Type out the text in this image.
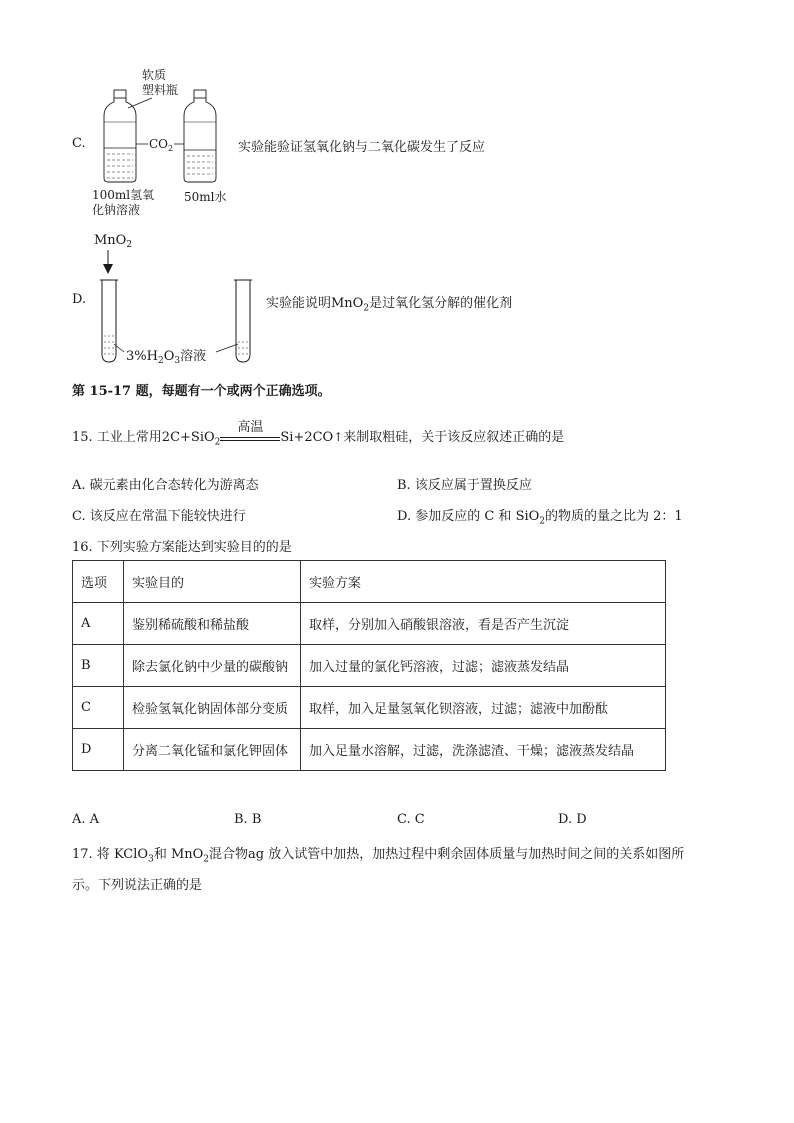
C.
软质
塑料瓶
$CO_2$
100ml氢氧
化钠溶液
50ml水
实验能验证氢氧化钠与二氧化碳发生了反应
D.
MnO$_2$
$3\%H_2O_3$溶液
实验能说明MnO$_2$是过氧化氢分解的催化剂
第 15-17 题，每题有一个或两个正确选项。
15. 工业上常用2C+SiO$_2$
高温
Si+2CO↑来制取粗硅，关于该反应叙述正确的是
A. 碳元素由化合态转化为游离态	B. 该反应属于置换反应
C. 该反应在常温下能较快进行	D. 参加反应的 C 和 SiO$_2$的物质的量之比为 2：1
16. 下列实验方案能达到实验目的的是
选项	实验目的	实验方案
A	鉴别稀硫酸和稀盐酸	取样，分别加入硝酸银溶液，看是否产生沉淀
B	除去氯化钠中少量的碳酸钠	加入过量的氯化钙溶液，过滤；滤液蒸发结晶
C	检验氢氧化钠固体部分变质	取样，加入足量氢氧化钡溶液，过滤；滤液中加酚酞
D	分离二氧化锰和氯化钾固体	加入足量水溶解，过滤，洗涤滤渣、干燥；滤液蒸发结晶
A. A	B. B	C. C	D. D
17. 将 KClO$_3$和 MnO$_2$混合物ag 放入试管中加热，加热过程中剩余固体质量与加热时间之间的关系如图所
示。下列说法正确的是
